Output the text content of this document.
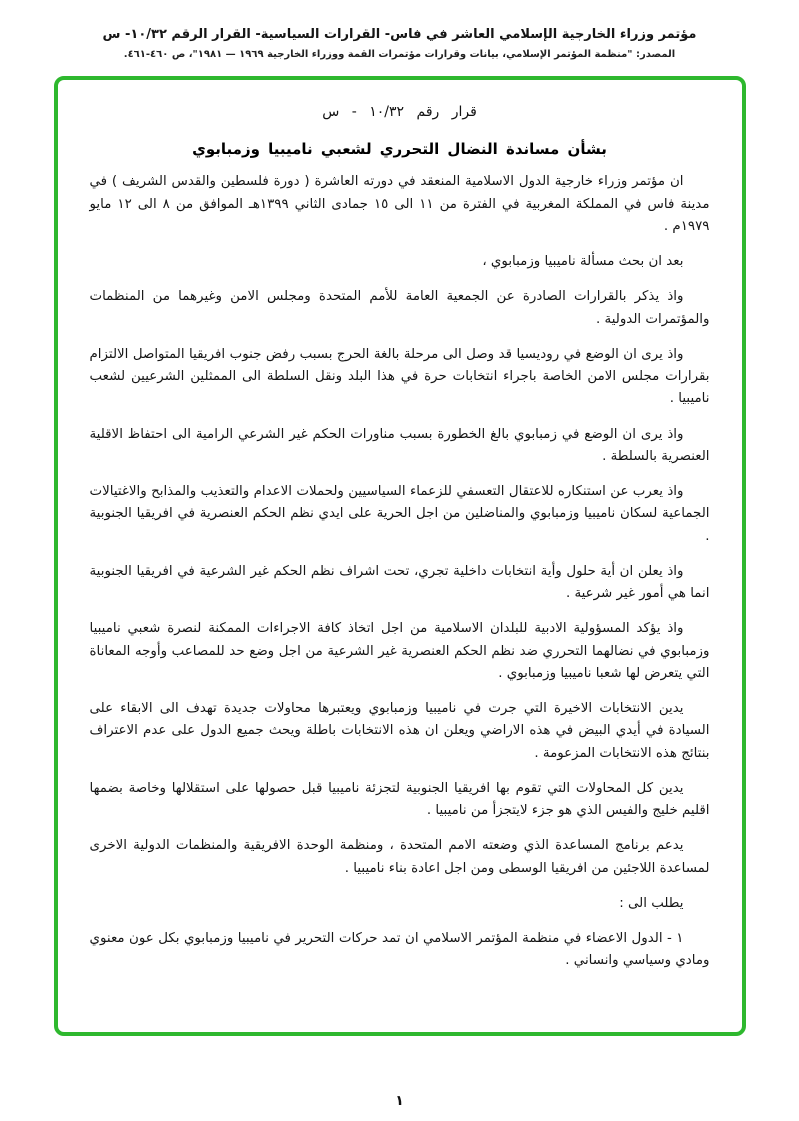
مؤتمر وزراء الخارجية الإسلامي العاشر في فاس- القرارات السياسية- القرار الرقم ١٠/٣٢- س
المصدر: "منظمة المؤتمر الإسلامي، بيانات وقرارات مؤتمرات القمة ووزراء الخارجية ١٩٦٩ — ١٩٨١"، ص ٤٦٠-٤٦١.
قرار رقم ١٠/٣٢ - س
بشأن مساندة النضال التحرري لشعبي ناميبيا وزمبابوي

ان مؤتمر وزراء خارجية الدول الاسلامية المنعقد في دورته العاشرة ( دورة فلسطين والقدس الشريف ) في مدينة فاس في المملكة المغربية في الفترة من ١١ الى ١٥ جمادى الثاني ١٣٩٩هـ الموافق من ٨ الى ١٢ مايو ١٩٧٩م .

بعد ان بحث مسألة ناميبيا وزمبابوي ،

واذ يذكر بالقرارات الصادرة عن الجمعية العامة للأمم المتحدة ومجلس الامن وغيرهما من المنظمات والمؤتمرات الدولية .

واذ يرى ان الوضع في روديسيا قد وصل الى مرحلة بالغة الحرج بسبب رفض جنوب افريقيا المتواصل الالتزام بقرارات مجلس الامن الخاصة باجراء انتخابات حرة في هذا البلد ونقل السلطة الى الممثلين الشرعيين لشعب ناميبيا .

واذ يرى ان الوضع في زمبابوي بالغ الخطورة بسبب مناورات الحكم غير الشرعي الرامية الى احتفاظ الاقلية العنصرية بالسلطة .

واذ يعرب عن استنكاره للاعتقال التعسفي للزعماء السياسيين ولحملات الاعدام والتعذيب والمذابح والاغتيالات الجماعية لسكان ناميبيا وزمبابوي والمناضلين من اجل الحرية على ايدي نظم الحكم العنصرية في افريقيا الجنوبية .

واذ يعلن ان أية حلول وأية انتخابات داخلية تجري، تحت اشراف نظم الحكم غير الشرعية في افريقيا الجنوبية انما هي أمور غير شرعية .

واذ يؤكد المسؤولية الادبية للبلدان الاسلامية من اجل اتخاذ كافة الاجراءات الممكنة لنصرة شعبي ناميبيا وزمبابوي في نضالهما التحرري ضد نظم الحكم العنصرية غير الشرعية من اجل وضع حد للمصاعب وأوجه المعاناة التي يتعرض لها شعبا ناميبيا وزمبابوي .

يدين الانتخابات الاخيرة التي جرت في ناميبيا وزمبابوي ويعتبرها محاولات جديدة تهدف الى الابقاء على السيادة في أيدي البيض في هذه الاراضي ويعلن ان هذه الانتخابات باطلة ويحث جميع الدول على عدم الاعتراف بنتائج هذه الانتخابات المزعومة .

يدين كل المحاولات التي تقوم بها افريقيا الجنوبية لتجزئة ناميبيا قبل حصولها على استقلالها وخاصة بضمها اقليم خليج والفيس الذي هو جزء لايتجزأ من ناميبيا .

يدعم برنامج المساعدة الذي وضعته الامم المتحدة ، ومنظمة الوحدة الافريقية والمنظمات الدولية الاخرى لمساعدة اللاجئين من افريقيا الوسطى ومن اجل اعادة بناء ناميبيا .

يطلب الى :

١ - الدول الاعضاء في منظمة المؤتمر الاسلامي ان تمد حركات التحرير في ناميبيا وزمبابوي بكل عون معنوي ومادي وسياسي وانساني .

١
